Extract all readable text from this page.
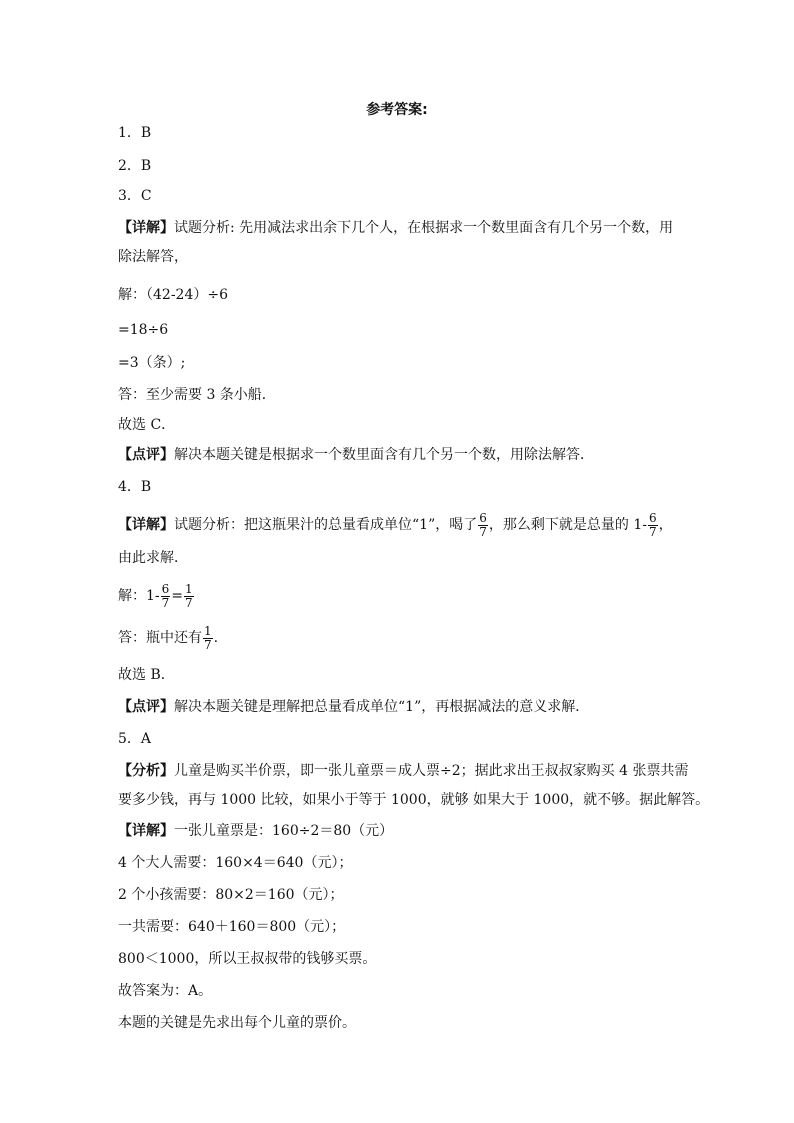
参考答案:
1．B
2．B
3．C
【详解】试题分析: 先用减法求出余下几个人，在根据求一个数里面含有几个另一个数，用
除法解答，
解：（42-24）÷6
=18÷6
=3（条）;
答：至少需要 3 条小船．
故选 C．
【点评】解决本题关键是根据求一个数里面含有几个另一个数，用除法解答．
4．B
【详解】试题分析：把这瓶果汁的总量看成单位“1”，喝了 $\frac{6}{7}$ ，那么剩下就是总量的 $1- \frac{6}{7}$ ，
由此求解．
解：$1- \frac{6}{7} = \frac{1}{7}$
答：瓶中还有 $\frac{1}{7}$ .
故选 B．
【点评】解决本题关键是理解把总量看成单位“1”，再根据减法的意义求解．
5．A
【分析】儿童是购买半价票，即一张儿童票＝成人票÷2；据此求出王叔叔家购买 4 张票共需
要多少钱，再与 1000 比较，如果小于等于 1000，就够 如果大于 1000，就不够。据此解答。
【详解】一张儿童票是：160÷2＝80（元）
4 个大人需要：160×4＝640（元）；
2 个小孩需要：80×2＝160（元）；
一共需要：640＋160＝800（元）；
800＜1000，所以王叔叔带的钱够买票。
故答案为：A。
本题的关键是先求出每个儿童的票价。
